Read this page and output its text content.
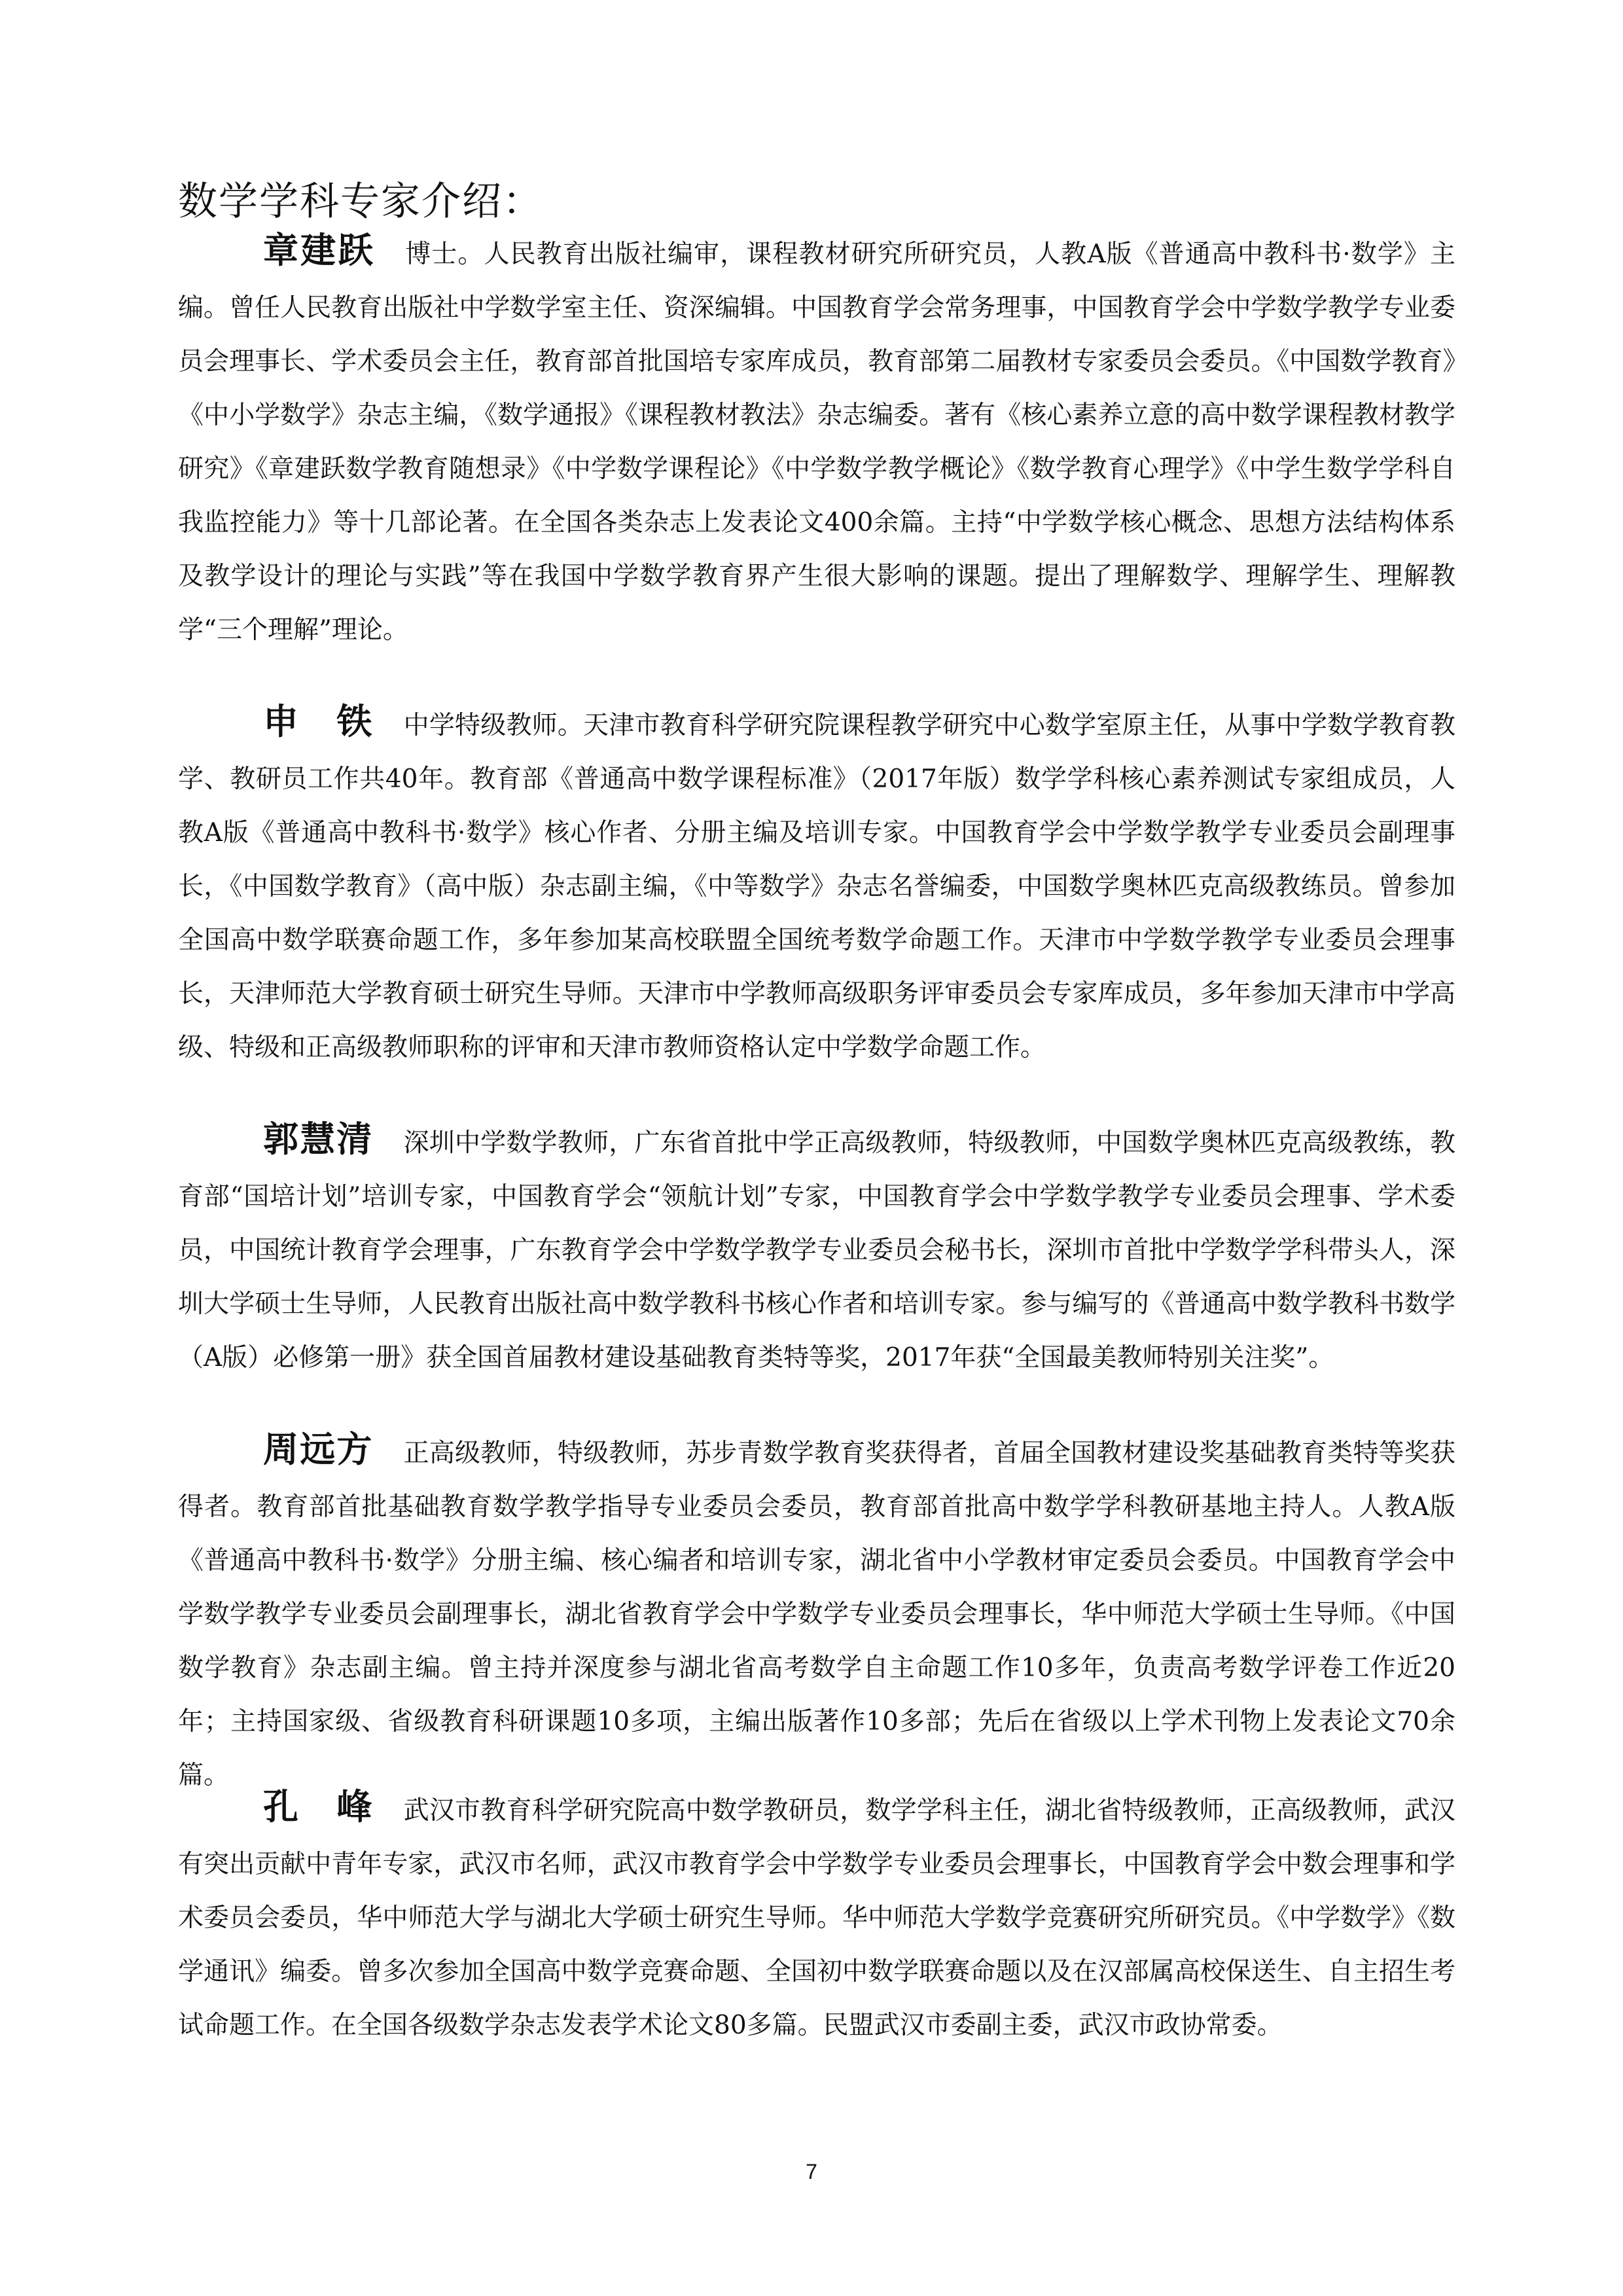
数学学科专家介绍：

章建跃 博士。人民教育出版社编审，课程教材研究所研究员，人教A版《普通高中教科书·数学》主编。曾任人民教育出版社中学数学室主任、资深编辑。中国教育学会常务理事，中国教育学会中学数学教学专业委员会理事长、学术委员会主任，教育部首批国培专家库成员，教育部第二届教材专家委员会委员。《中国数学教育》《中小学数学》杂志主编，《数学通报》《课程教材教法》杂志编委。著有《核心素养立意的高中数学课程教材教学研究》《章建跃数学教育随想录》《中学数学课程论》《中学数学教学概论》《数学教育心理学》《中学生数学学科自我监控能力》等十几部论著。在全国各类杂志上发表论文400余篇。主持“中学数学核心概念、思想方法结构体系及教学设计的理论与实践”等在我国中学数学教育界产生很大影响的课题。提出了理解数学、理解学生、理解教学“三个理解”理论。

申　铁 中学特级教师。天津市教育科学研究院课程教学研究中心数学室原主任，从事中学数学教育教学、教研员工作共40年。教育部《普通高中数学课程标准》（2017年版）数学学科核心素养测试专家组成员，人教A版《普通高中教科书·数学》核心作者、分册主编及培训专家。中国教育学会中学数学教学专业委员会副理事长，《中国数学教育》（高中版）杂志副主编，《中等数学》杂志名誉编委，中国数学奥林匹克高级教练员。曾参加全国高中数学联赛命题工作，多年参加某高校联盟全国统考数学命题工作。天津市中学数学教学专业委员会理事长，天津师范大学教育硕士研究生导师。天津市中学教师高级职务评审委员会专家库成员，多年参加天津市中学高级、特级和正高级教师职称的评审和天津市教师资格认定中学数学命题工作。

郭慧清 深圳中学数学教师，广东省首批中学正高级教师，特级教师，中国数学奥林匹克高级教练，教育部“国培计划”培训专家，中国教育学会“领航计划”专家，中国教育学会中学数学教学专业委员会理事、学术委员，中国统计教育学会理事，广东教育学会中学数学教学专业委员会秘书长，深圳市首批中学数学学科带头人，深圳大学硕士生导师，人民教育出版社高中数学教科书核心作者和培训专家。参与编写的《普通高中数学教科书数学（A版）必修第一册》获全国首届教材建设基础教育类特等奖，2017年获“全国最美教师特别关注奖”。

周远方 正高级教师，特级教师，苏步青数学教育奖获得者，首届全国教材建设奖基础教育类特等奖获得者。教育部首批基础教育数学教学指导专业委员会委员，教育部首批高中数学学科教研基地主持人。人教A版《普通高中教科书·数学》分册主编、核心编者和培训专家，湖北省中小学教材审定委员会委员。中国教育学会中学数学教学专业委员会副理事长，湖北省教育学会中学数学专业委员会理事长，华中师范大学硕士生导师。《中国数学教育》杂志副主编。曾主持并深度参与湖北省高考数学自主命题工作10多年，负责高考数学评卷工作近20年；主持国家级、省级教育科研课题10多项，主编出版著作10多部；先后在省级以上学术刊物上发表论文70余篇。

孔　峰 武汉市教育科学研究院高中数学教研员，数学学科主任，湖北省特级教师，正高级教师，武汉有突出贡献中青年专家，武汉市名师，武汉市教育学会中学数学专业委员会理事长，中国教育学会中数会理事和学术委员会委员，华中师范大学与湖北大学硕士研究生导师。华中师范大学数学竞赛研究所研究员。《中学数学》《数学通讯》编委。曾多次参加全国高中数学竞赛命题、全国初中数学联赛命题以及在汉部属高校保送生、自主招生考试命题工作。在全国各级数学杂志发表学术论文80多篇。民盟武汉市委副主委，武汉市政协常委。

7
